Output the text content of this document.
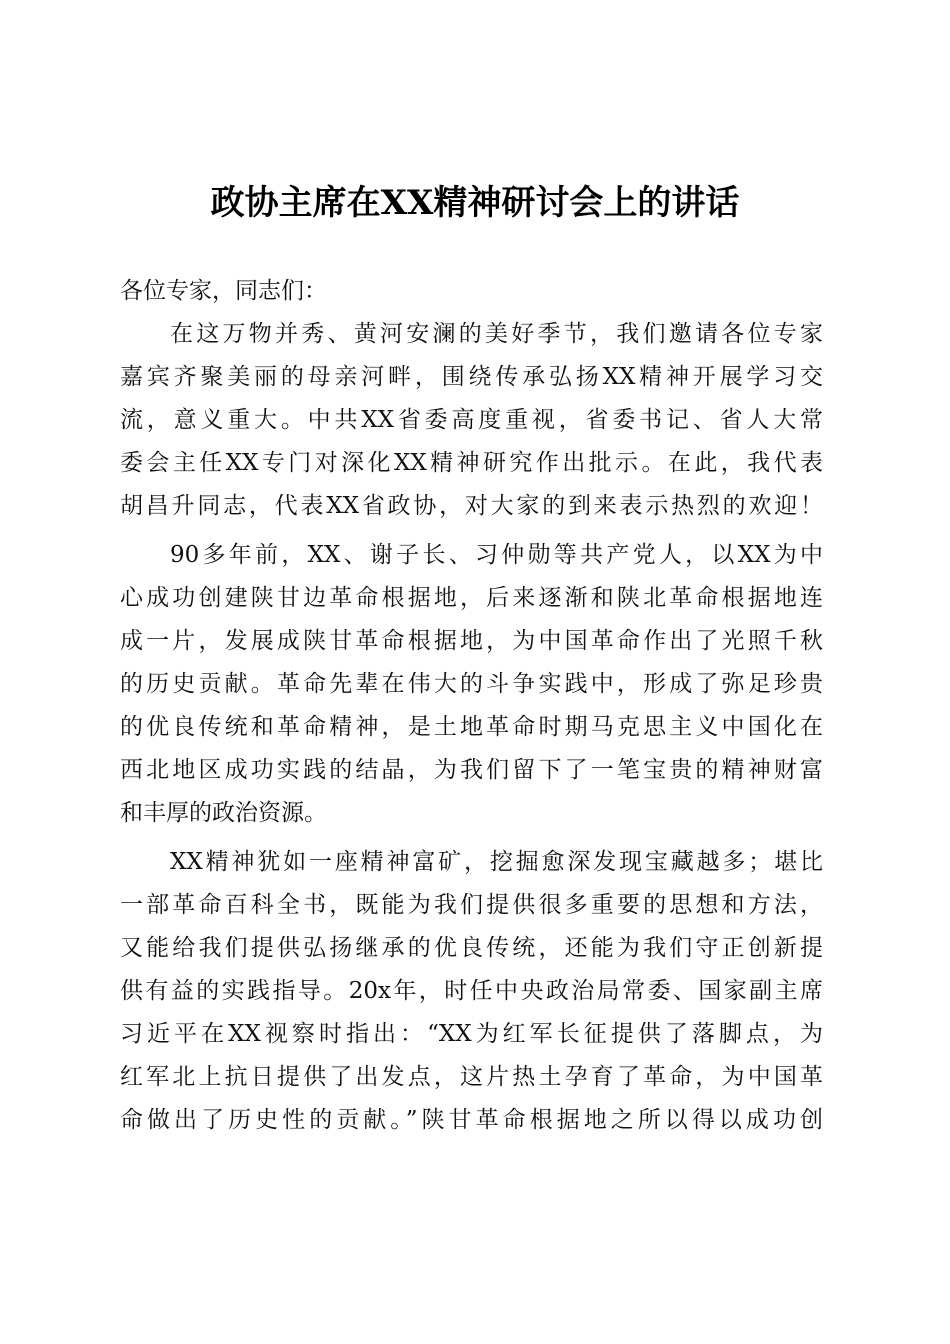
政协主席在XX精神研讨会上的讲话

各位专家，同志们：

在这万物并秀、黄河安澜的美好季节，我们邀请各位专家
嘉宾齐聚美丽的母亲河畔，围绕传承弘扬XX精神开展学习交
流，意义重大。中共XX省委高度重视，省委书记、省人大常
委会主任XX专门对深化XX精神研究作出批示。在此，我代表
胡昌升同志，代表XX省政协，对大家的到来表示热烈的欢迎！
90多年前，XX、谢子长、习仲勋等共产党人，以XX为中
心成功创建陕甘边革命根据地，后来逐渐和陕北革命根据地连
成一片，发展成陕甘革命根据地，为中国革命作出了光照千秋
的历史贡献。革命先辈在伟大的斗争实践中，形成了弥足珍贵
的优良传统和革命精神，是土地革命时期马克思主义中国化在
西北地区成功实践的结晶，为我们留下了一笔宝贵的精神财富
和丰厚的政治资源。
XX精神犹如一座精神富矿，挖掘愈深发现宝藏越多；堪比
一部革命百科全书，既能为我们提供很多重要的思想和方法，
又能给我们提供弘扬继承的优良传统，还能为我们守正创新提
供有益的实践指导。20x年，时任中央政治局常委、国家副主席
习近平在XX视察时指出：“XX为红军长征提供了落脚点，为
红军北上抗日提供了出发点，这片热土孕育了革命，为中国革
命做出了历史性的贡献。”陕甘革命根据地之所以得以成功创
